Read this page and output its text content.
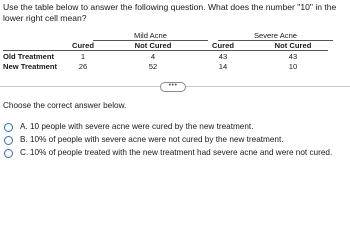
Use the table below to answer the following question. What does the number "10" in the lower right cell mean?
Mild Acne	Severe Acne
Cured	Not Cured	Cured	Not Cured
Old Treatment	1	4	43	43
New Treatment	26	52	14	10
•••
Choose the correct answer below.
A. 10 people with severe acne were cured by the new treatment.
B. 10% of people with severe acne were not cured by the new treatment.
C. 10% of people treated with the new treatment had severe acne and were not cured.
